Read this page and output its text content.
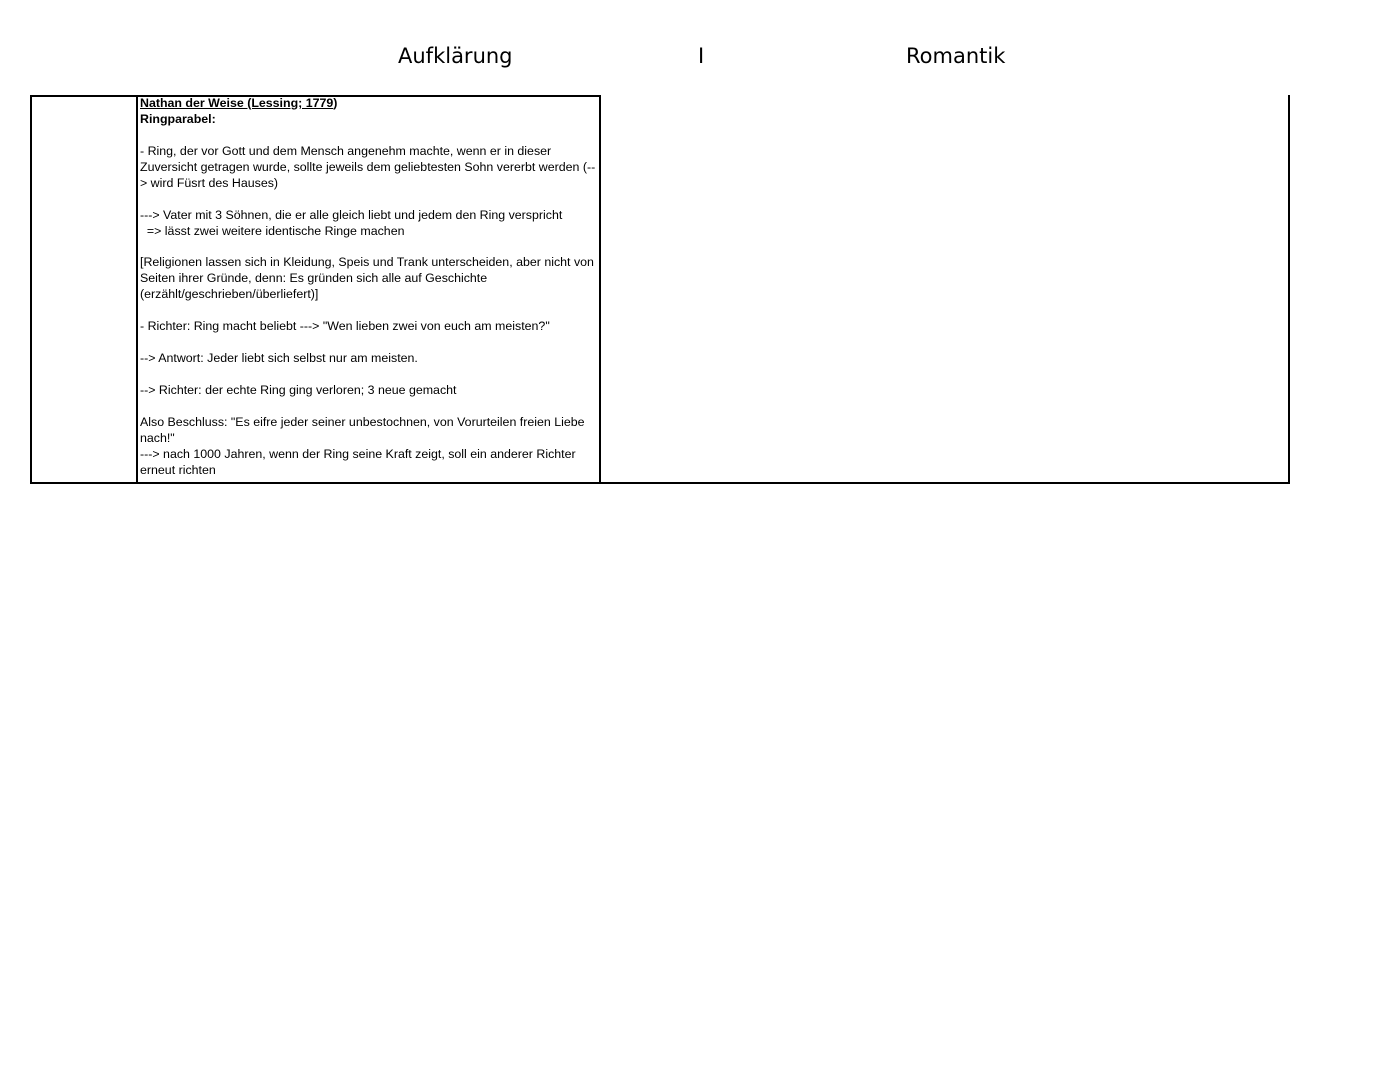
Aufklärung	I	Romantik

Nathan der Weise (Lessing; 1779)

Ringparabel:

- Ring, der vor Gott und dem Mensch angenehm machte, wenn er in dieser Zuversicht getragen wurde, sollte jeweils dem geliebtesten Sohn vererbt werden (--> wird Füsrt des Hauses)

---> Vater mit 3 Söhnen, die er alle gleich liebt und jedem den Ring verspricht

=> lässt zwei weitere identische Ringe machen

[Religionen lassen sich in Kleidung, Speis und Trank unterscheiden, aber nicht von Seiten ihrer Gründe, denn: Es gründen sich alle auf Geschichte (erzählt/geschrieben/überliefert)]

- Richter: Ring macht beliebt ---> "Wen lieben zwei von euch am meisten?"

--> Antwort: Jeder liebt sich selbst nur am meisten.

--> Richter: der echte Ring ging verloren; 3 neue gemacht

Also Beschluss: "Es eifre jeder seiner unbestochnen, von Vorurteilen freien Liebe nach!"

---> nach 1000 Jahren, wenn der Ring seine Kraft zeigt, soll ein anderer Richter erneut richten
